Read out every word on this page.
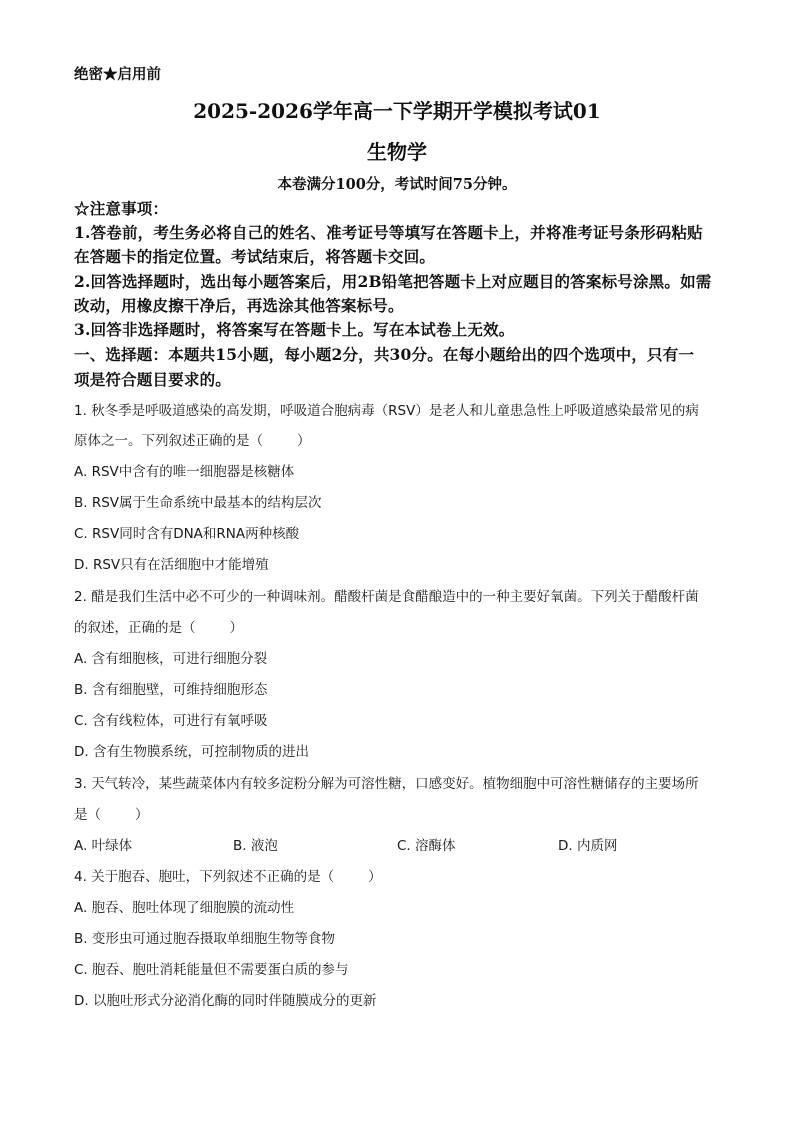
绝密★启用前
2025-2026学年高一下学期开学模拟考试01
生物学
本卷满分100分，考试时间75分钟。
☆注意事项：
1.答卷前，考生务必将自己的姓名、准考证号等填写在答题卡上，并将准考证号条形码粘贴
在答题卡的指定位置。考试结束后，将答题卡交回。
2.回答选择题时，选出每小题答案后，用2B铅笔把答题卡上对应题目的答案标号涂黑。如需
改动，用橡皮擦干净后，再选涂其他答案标号。
3.回答非选择题时，将答案写在答题卡上。写在本试卷上无效。
一、选择题：本题共15小题，每小题2分，共30分。在每小题给出的四个选项中，只有一
项是符合题目要求的。
1. 秋冬季是呼吸道感染的高发期，呼吸道合胞病毒（RSV）是老人和儿童患急性上呼吸道感染最常见的病
原体之一。下列叙述正确的是（	）
A. RSV中含有的唯一细胞器是核糖体
B. RSV属于生命系统中最基本的结构层次
C. RSV同时含有DNA和RNA两种核酸
D. RSV只有在活细胞中才能增殖
2. 醋是我们生活中必不可少的一种调味剂。醋酸杆菌是食醋酿造中的一种主要好氧菌。下列关于醋酸杆菌
的叙述，正确的是（	）
A. 含有细胞核，可进行细胞分裂
B. 含有细胞壁，可维持细胞形态
C. 含有线粒体，可进行有氧呼吸
D. 含有生物膜系统，可控制物质的进出
3. 天气转冷，某些蔬菜体内有较多淀粉分解为可溶性糖，口感变好。植物细胞中可溶性糖储存的主要场所
是（	）
A. 叶绿体	B. 液泡	C. 溶酶体	D. 内质网
4. 关于胞吞、胞吐，下列叙述不正确的是（	）
A. 胞吞、胞吐体现了细胞膜的流动性
B. 变形虫可通过胞吞摄取单细胞生物等食物
C. 胞吞、胞吐消耗能量但不需要蛋白质的参与
D. 以胞吐形式分泌消化酶的同时伴随膜成分的更新
